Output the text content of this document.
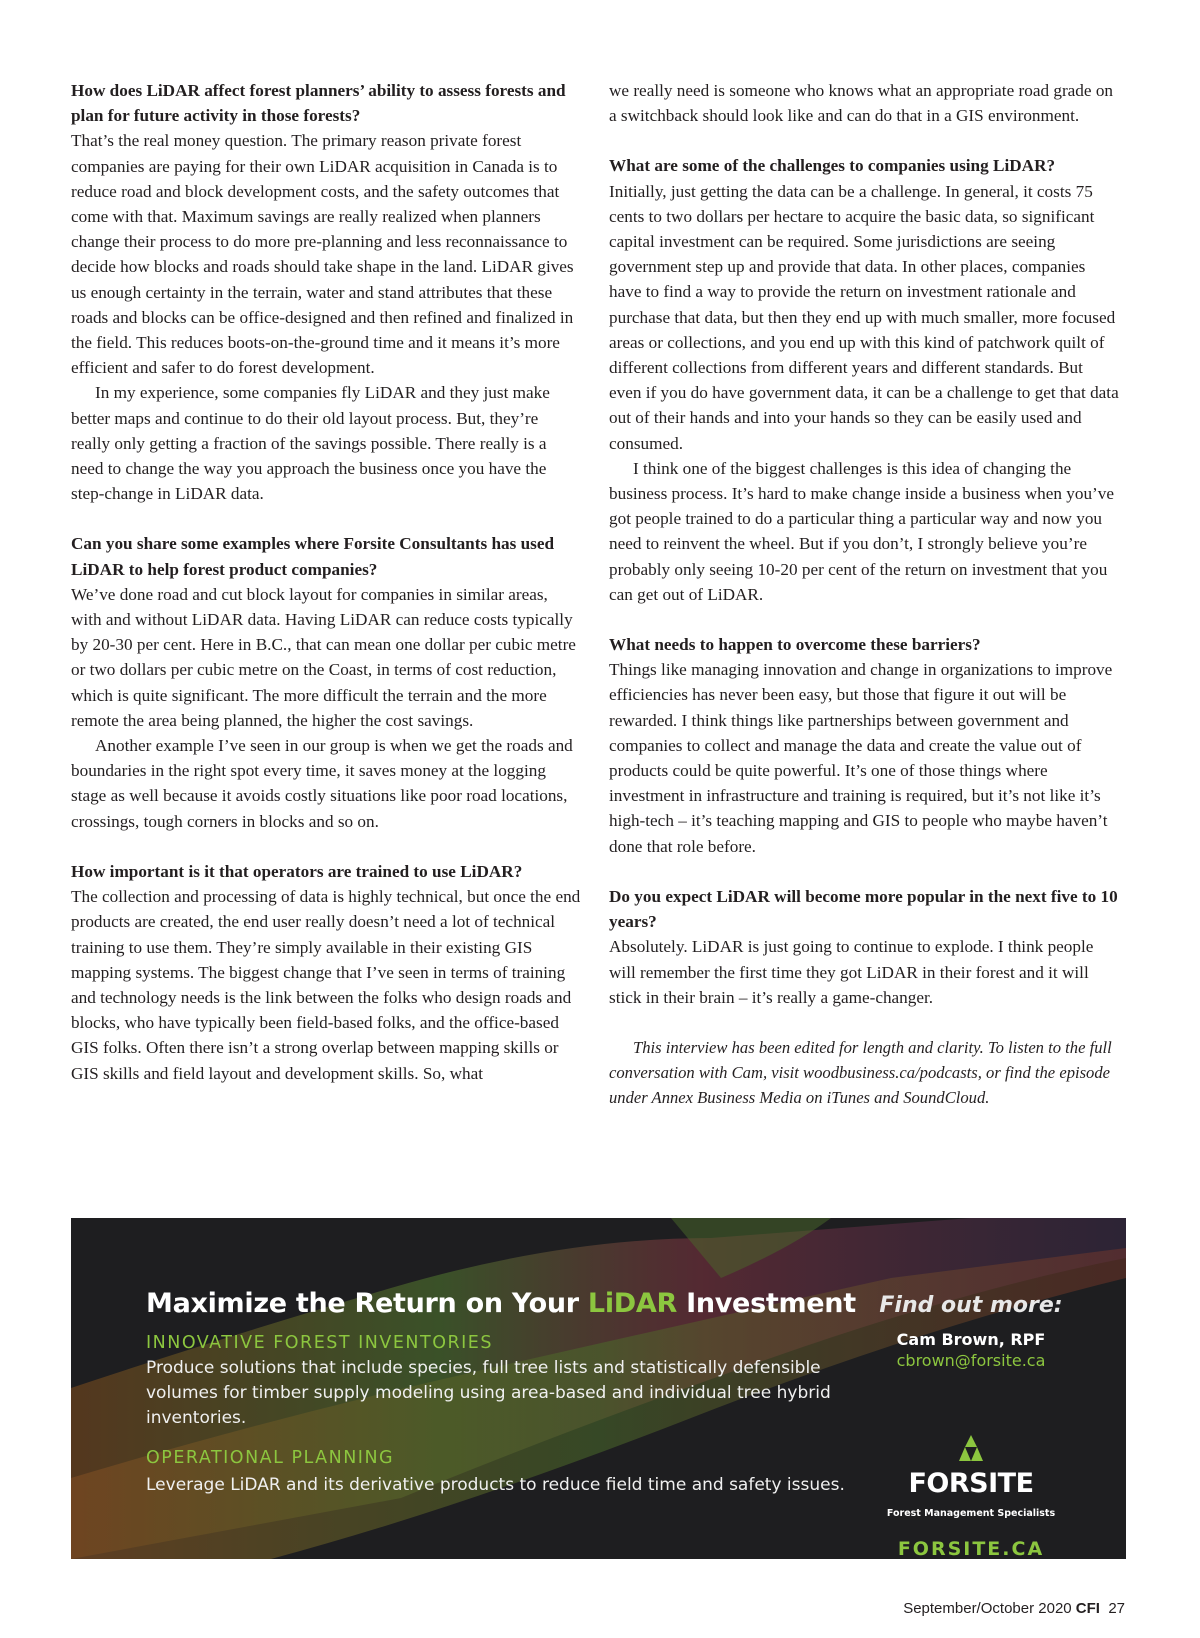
How does LiDAR affect forest planners’ ability to assess forests and plan for future activity in those forests?

That’s the real money question. The primary reason private forest companies are paying for their own LiDAR acquisition in Canada is to reduce road and block development costs, and the safety outcomes that come with that. Maximum savings are really realized when planners change their process to do more pre-planning and less reconnaissance to decide how blocks and roads should take shape in the land. LiDAR gives us enough certainty in the terrain, water and stand attributes that these roads and blocks can be office-designed and then refined and finalized in the field. This reduces boots-on-the-ground time and it means it’s more efficient and safer to do forest development.

In my experience, some companies fly LiDAR and they just make better maps and continue to do their old layout process. But, they’re really only getting a fraction of the savings possible. There really is a need to change the way you approach the business once you have the step-change in LiDAR data.

Can you share some examples where Forsite Consultants has used LiDAR to help forest product companies?

We’ve done road and cut block layout for companies in similar areas, with and without LiDAR data. Having LiDAR can reduce costs typically by 20-30 per cent. Here in B.C., that can mean one dollar per cubic metre or two dollars per cubic metre on the Coast, in terms of cost reduction, which is quite significant. The more difficult the terrain and the more remote the area being planned, the higher the cost savings.

Another example I’ve seen in our group is when we get the roads and boundaries in the right spot every time, it saves money at the logging stage as well because it avoids costly situations like poor road locations, crossings, tough corners in blocks and so on.

How important is it that operators are trained to use LiDAR?

The collection and processing of data is highly technical, but once the end products are created, the end user really doesn’t need a lot of technical training to use them. They’re simply available in their existing GIS mapping systems. The biggest change that I’ve seen in terms of training and technology needs is the link between the folks who design roads and blocks, who have typically been field-based folks, and the office-based GIS folks. Often there isn’t a strong overlap between mapping skills or GIS skills and field layout and development skills. So, what

we really need is someone who knows what an appropriate road grade on a switchback should look like and can do that in a GIS environment.

What are some of the challenges to companies using LiDAR?

Initially, just getting the data can be a challenge. In general, it costs 75 cents to two dollars per hectare to acquire the basic data, so significant capital investment can be required. Some jurisdictions are seeing government step up and provide that data. In other places, companies have to find a way to provide the return on investment rationale and purchase that data, but then they end up with much smaller, more focused areas or collections, and you end up with this kind of patchwork quilt of different collections from different years and different standards. But even if you do have government data, it can be a challenge to get that data out of their hands and into your hands so they can be easily used and consumed.

I think one of the biggest challenges is this idea of changing the business process. It’s hard to make change inside a business when you’ve got people trained to do a particular thing a particular way and now you need to reinvent the wheel. But if you don’t, I strongly believe you’re probably only seeing 10-20 per cent of the return on investment that you can get out of LiDAR.

What needs to happen to overcome these barriers?

Things like managing innovation and change in organizations to improve efficiencies has never been easy, but those that figure it out will be rewarded. I think things like partnerships between government and companies to collect and manage the data and create the value out of products could be quite powerful. It’s one of those things where investment in infrastructure and training is required, but it’s not like it’s high-tech – it’s teaching mapping and GIS to people who maybe haven’t done that role before.

Do you expect LiDAR will become more popular in the next five to 10 years?

Absolutely. LiDAR is just going to continue to explode. I think people will remember the first time they got LiDAR in their forest and it will stick in their brain – it’s really a game-changer.

This interview has been edited for length and clarity. To listen to the full conversation with Cam, visit woodbusiness.ca/podcasts, or find the episode under Annex Business Media on iTunes and SoundCloud.

Maximize the Return on Your LiDAR Investment
INNOVATIVE FOREST INVENTORIES
Produce solutions that include species, full tree lists and statistically defensible volumes for timber supply modeling using area-based and individual tree hybrid inventories.
OPERATIONAL PLANNING
Leverage LiDAR and its derivative products to reduce field time and safety issues.
Find out more:
Cam Brown, RPF
cbrown@forsite.ca
FORSITE
Forest Management Specialists
FORSITE.CA
September/October 2020 CFI 27
